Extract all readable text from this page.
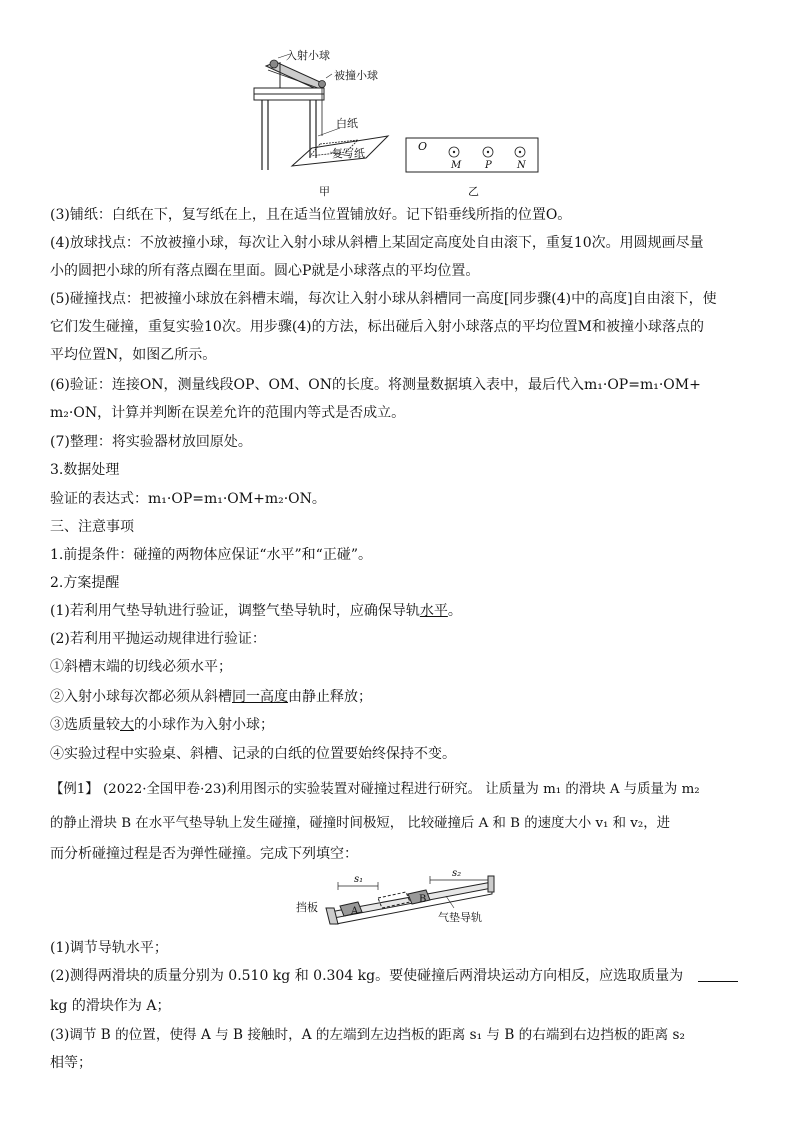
入射小球
被撞小球
白纸
复写纸
O
M P	N
甲	乙
(3)铺纸：白纸在下，复写纸在上，且在适当位置铺放好。记下铅垂线所指的位置O。
(4)放球找点：不放被撞小球，每次让入射小球从斜槽上某固定高度处自由滚下，重复10次。用圆规画尽量
小的圆把小球的所有落点圈在里面。圆心P就是小球落点的平均位置。
(5)碰撞找点：把被撞小球放在斜槽末端，每次让入射小球从斜槽同一高度[同步骤(4)中的高度]自由滚下，使
它们发生碰撞，重复实验10次。用步骤(4)的方法，标出碰后入射小球落点的平均位置M和被撞小球落点的
平均位置N，如图乙所示。
(6)验证：连接ON，测量线段OP、OM、ON的长度。将测量数据填入表中，最后代入m₁·OP=m₁·OM+
m₂·ON，计算并判断在误差允许的范围内等式是否成立。
(7)整理：将实验器材放回原处。
3.数据处理
验证的表达式：m₁·OP=m₁·OM+m₂·ON。
三、注意事项
1.前提条件：碰撞的两物体应保证“水平”和“正碰”。
2.方案提醒
(1)若利用气垫导轨进行验证，调整气垫导轨时，应确保导轨水平。
(2)若利用平抛运动规律进行验证：
①斜槽末端的切线必须水平；
②入射小球每次都必须从斜槽同一高度由静止释放；
③选质量较大的小球作为入射小球；
④实验过程中实验桌、斜槽、记录的白纸的位置要始终保持不变。
【例1】 (2022·全国甲卷·23)利用图示的实验装置对碰撞过程进行研究。 让质量为 m₁ 的滑块 A 与质量为 m₂
的静止滑块 B 在水平气垫导轨上发生碰撞，碰撞时间极短， 比较碰撞后 A 和 B 的速度大小 v₁ 和 v₂，进
而分析碰撞过程是否为弹性碰撞。完成下列填空：
挡板	A
B
气垫导轨
s₁
s₂
(1)调节导轨水平；
(2)测得两滑块的质量分别为 0.510 kg 和 0.304 kg。要使碰撞后两滑块运动方向相反，应选取质量为
kg 的滑块作为 A；
(3)调节 B 的位置，使得 A 与 B 接触时，A 的左端到左边挡板的距离 s₁ 与 B 的右端到右边挡板的距离 s₂
相等；
